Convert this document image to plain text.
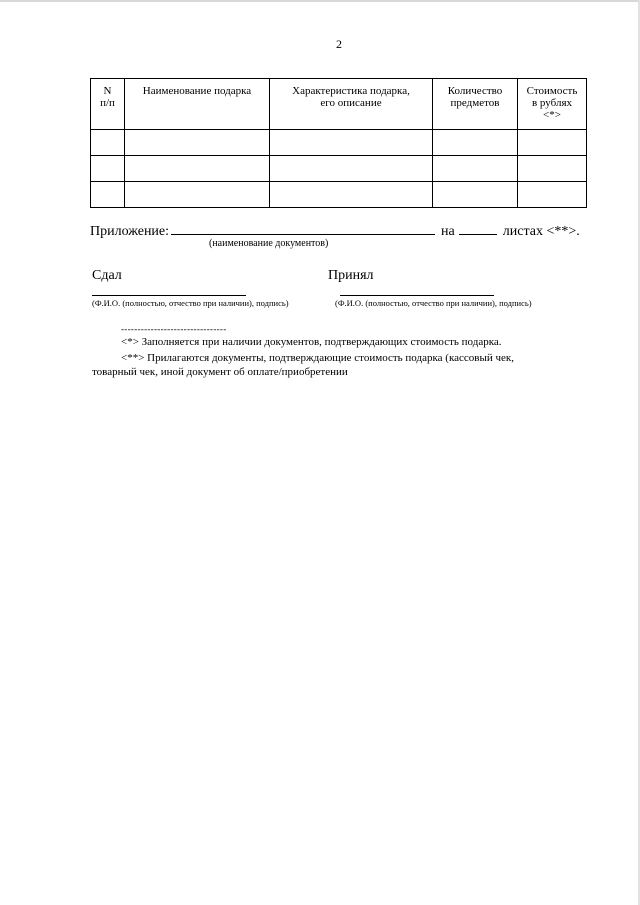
2
N п/п	Наименование подарка	Характеристика подарка, его описание	Количество предметов	Стоимость в рублях <*>

Приложение:	на	листах <**>.
(наименование документов)
Сдал	Принял
(Ф.И.О. (полностью, отчество при наличии), подпись)	(Ф.И.О. (полностью, отчество при наличии), подпись)
--------------------------------
<*> Заполняется при наличии документов, подтверждающих стоимость подарка.
<**> Прилагаются документы, подтверждающие стоимость подарка (кассовый чек,
товарный чек, иной документ об оплате/приобретении
